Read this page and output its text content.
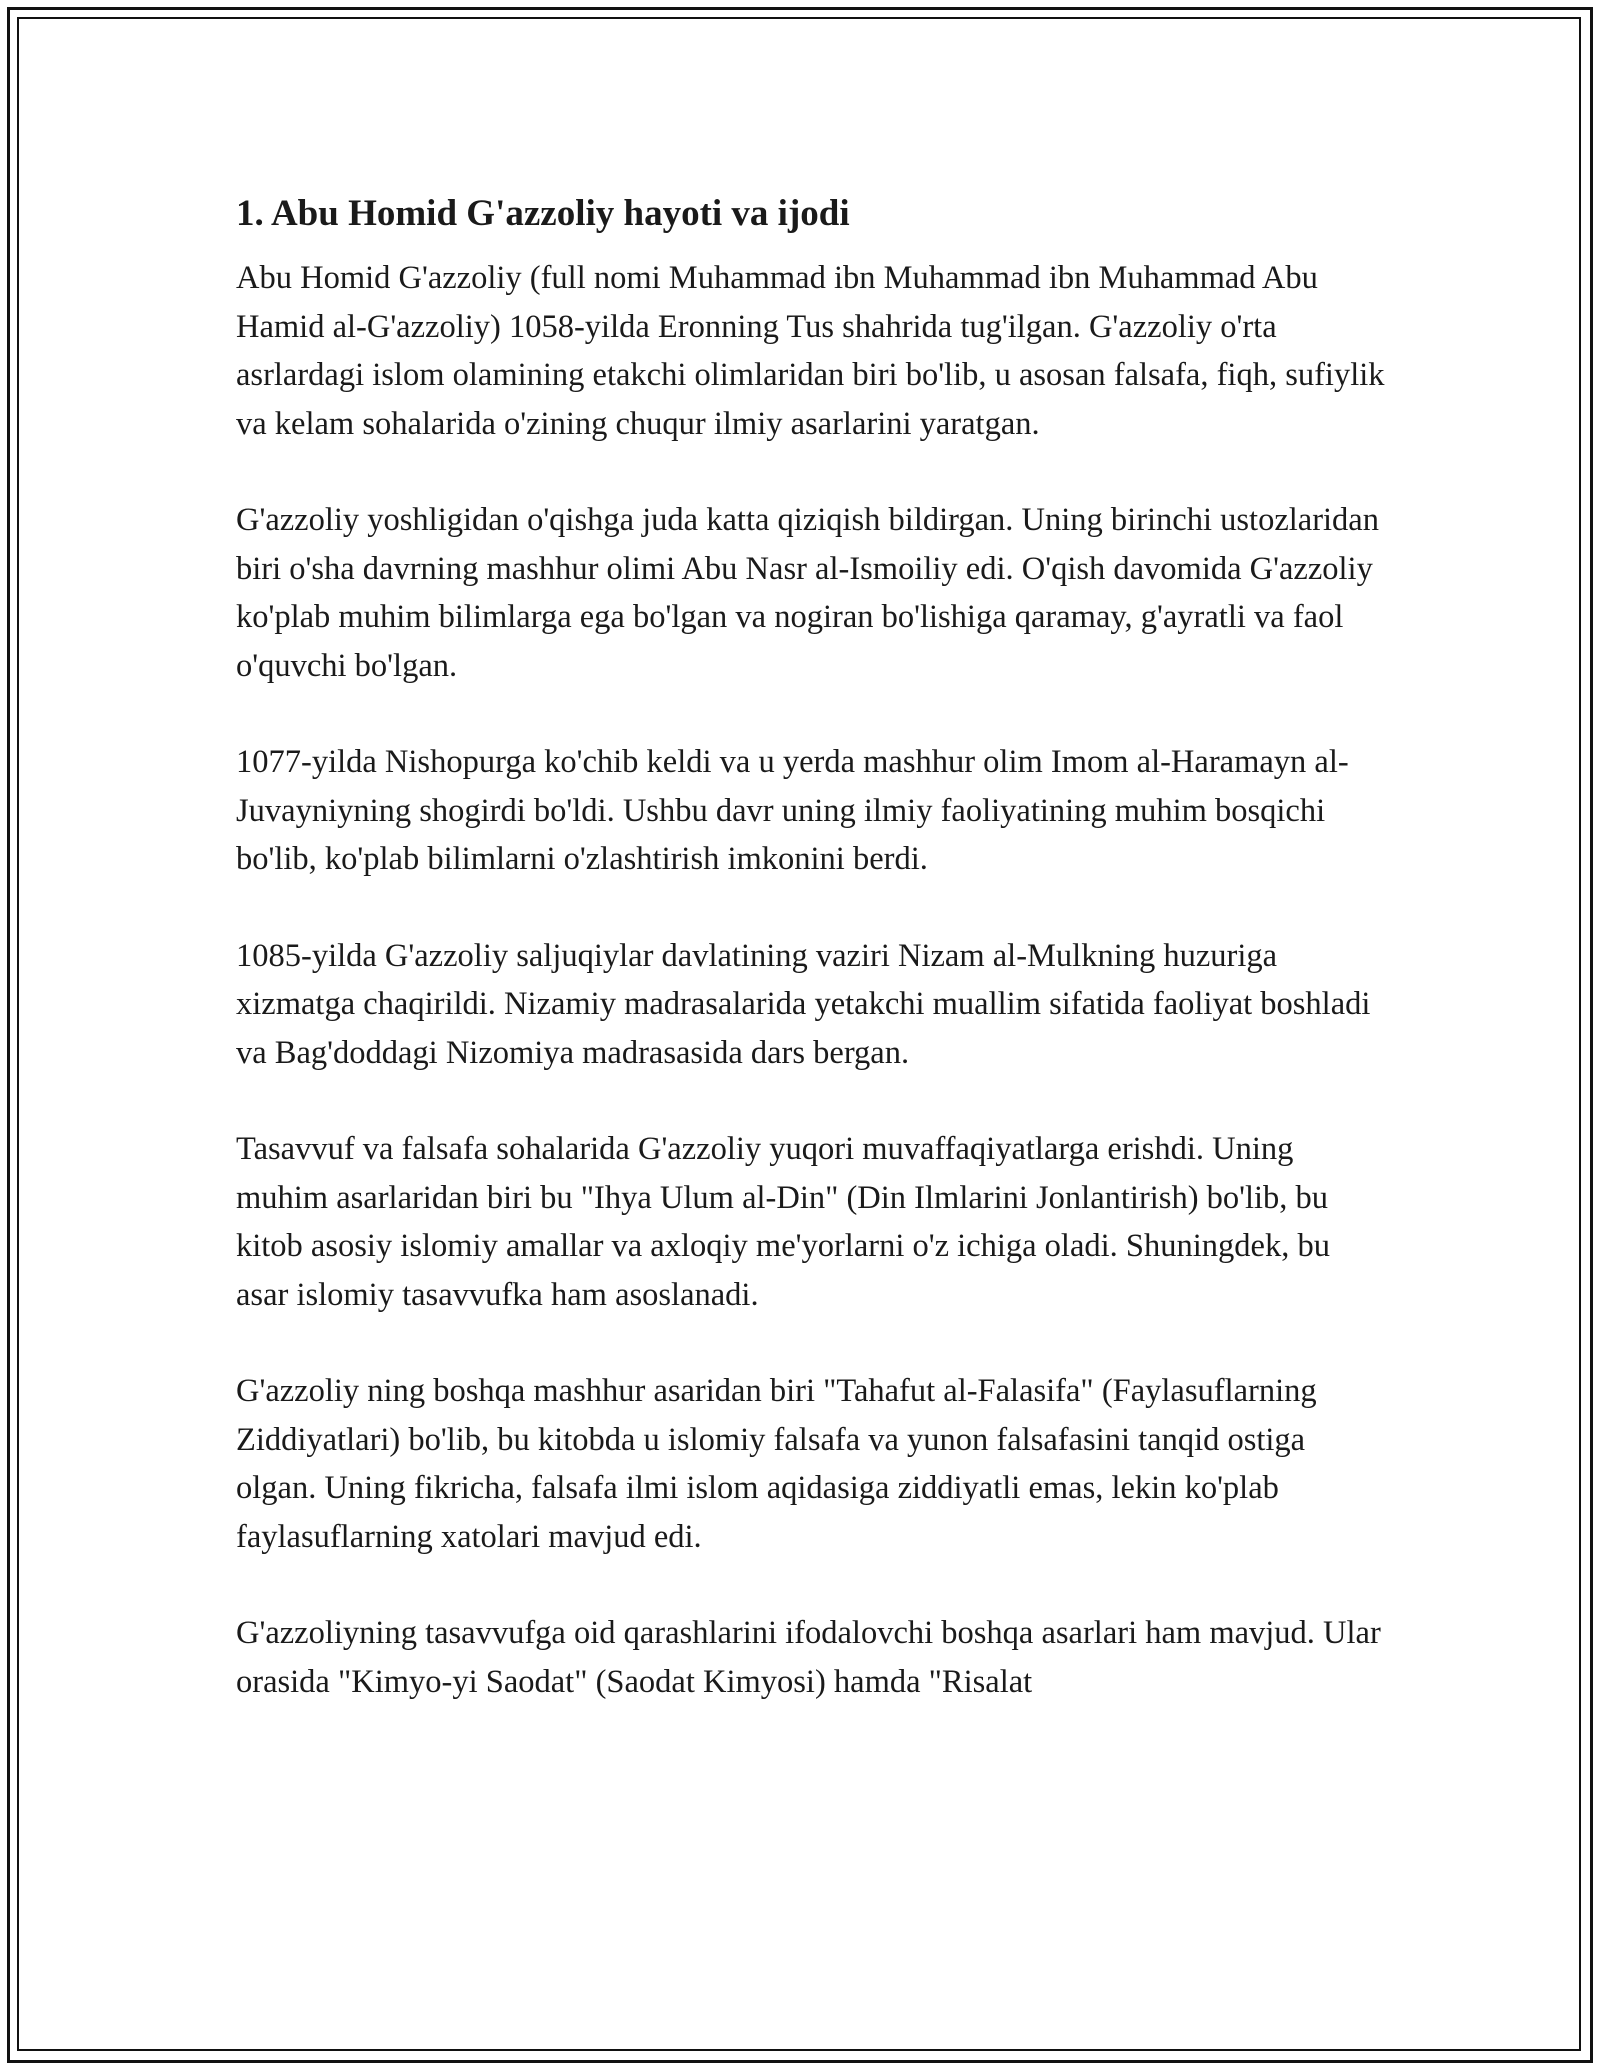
1. Abu Homid G'azzoliy hayoti va ijodi

Abu Homid G'azzoliy (full nomi Muhammad ibn Muhammad ibn Muhammad Abu Hamid al-G'azzoliy) 1058-yilda Eronning Tus shahrida tug'ilgan. G'azzoliy o'rta asrlardagi islom olamining etakchi olimlaridan biri bo'lib, u asosan falsafa, fiqh, sufiylik va kelam sohalarida o'zining chuqur ilmiy asarlarini yaratgan.

G'azzoliy yoshligidan o'qishga juda katta qiziqish bildirgan. Uning birinchi ustozlaridan biri o'sha davrning mashhur olimi Abu Nasr al-Ismoiliy edi. O'qish davomida G'azzoliy ko'plab muhim bilimlarga ega bo'lgan va nogiran bo'lishiga qaramay, g'ayratli va faol o'quvchi bo'lgan.

1077-yilda Nishopurga ko'chib keldi va u yerda mashhur olim Imom al-Haramayn al-Juvayniyning shogirdi bo'ldi. Ushbu davr uning ilmiy faoliyatining muhim bosqichi bo'lib, ko'plab bilimlarni o'zlashtirish imkonini berdi.

1085-yilda G'azzoliy saljuqiylar davlatining vaziri Nizam al-Mulkning huzuriga xizmatga chaqirildi. Nizamiy madrasalarida yetakchi muallim sifatida faoliyat boshladi va Bag'doddagi Nizomiya madrasasida dars bergan.

Tasavvuf va falsafa sohalarida G'azzoliy yuqori muvaffaqiyatlarga erishdi. Uning muhim asarlaridan biri bu "Ihya Ulum al-Din" (Din Ilmlarini Jonlantirish) bo'lib, bu kitob asosiy islomiy amallar va axloqiy me'yorlarni o'z ichiga oladi. Shuningdek, bu asar islomiy tasavvufka ham asoslanadi.

G'azzoliy ning boshqa mashhur asaridan biri "Tahafut al-Falasifa" (Faylasuflarning Ziddiyatlari) bo'lib, bu kitobda u islomiy falsafa va yunon falsafasini tanqid ostiga olgan. Uning fikricha, falsafa ilmi islom aqidasiga ziddiyatli emas, lekin ko'plab faylasuflarning xatolari mavjud edi.

G'azzoliyning tasavvufga oid qarashlarini ifodalovchi boshqa asarlari ham mavjud. Ular orasida "Kimyo-yi Saodat" (Saodat Kimyosi) hamda "Risalat
